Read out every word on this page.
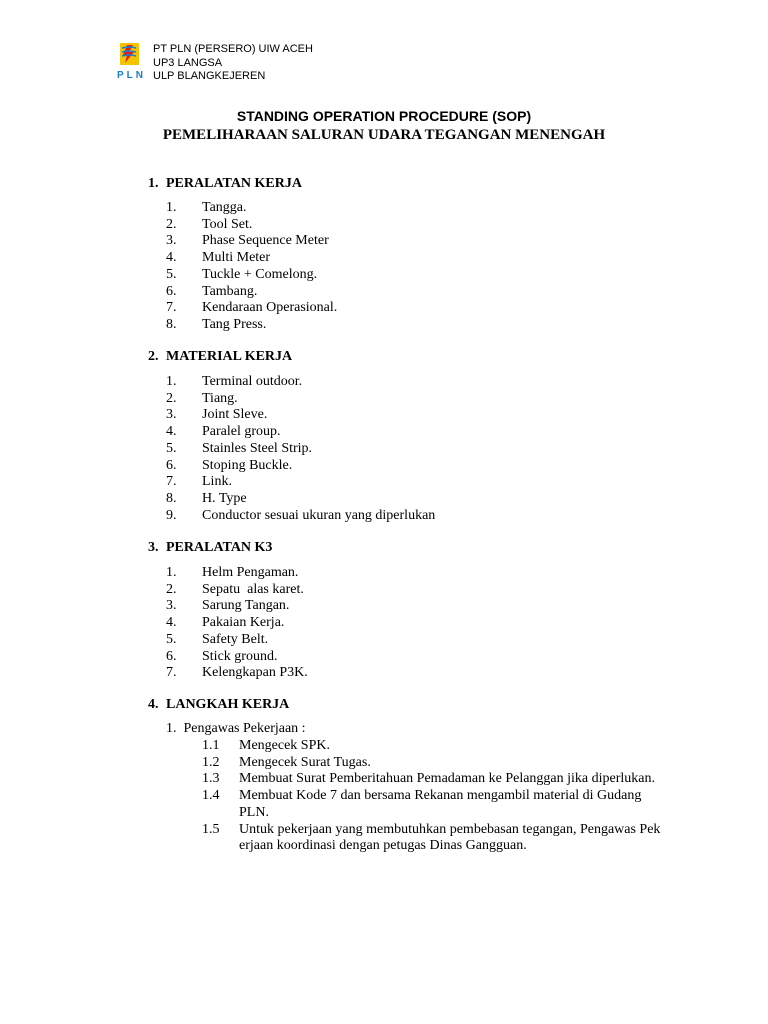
PLN
PT PLN (PERSERO) UIW ACEH
UP3 LANGSA
ULP BLANGKEJEREN
STANDING OPERATION PROCEDURE (SOP)
PEMELIHARAAN SALURAN UDARA TEGANGAN MENENGAH
1. PERALATAN KERJA
1. Tangga.
2. Tool Set.
3. Phase Sequence Meter
4. Multi Meter
5. Tuckle + Comelong.
6. Tambang.
7. Kendaraan Operasional.
8. Tang Press.
2. MATERIAL KERJA
1. Terminal outdoor.
2. Tiang.
3. Joint Sleve.
4. Paralel group.
5. Stainles Steel Strip.
6. Stoping Buckle.
7. Link.
8. H. Type
9. Conductor sesuai ukuran yang diperlukan
3. PERALATAN K3
1. Helm Pengaman.
2. Sepatu  alas karet.
3. Sarung Tangan.
4. Pakaian Kerja.
5. Safety Belt.
6. Stick ground.
7. Kelengkapan P3K.
4. LANGKAH KERJA
1.  Pengawas Pekerjaan :
1.1 Mengecek SPK.
1.2 Mengecek Surat Tugas.
1.3 Membuat Surat Pemberitahuan Pemadaman ke Pelanggan jika diperlukan.
1.4 Membuat Kode 7 dan bersama Rekanan mengambil material di Gudang PLN.
1.5 Untuk pekerjaan yang membutuhkan pembebasan tegangan, Pengawas Pek erjaan koordinasi dengan petugas Dinas Gangguan.
